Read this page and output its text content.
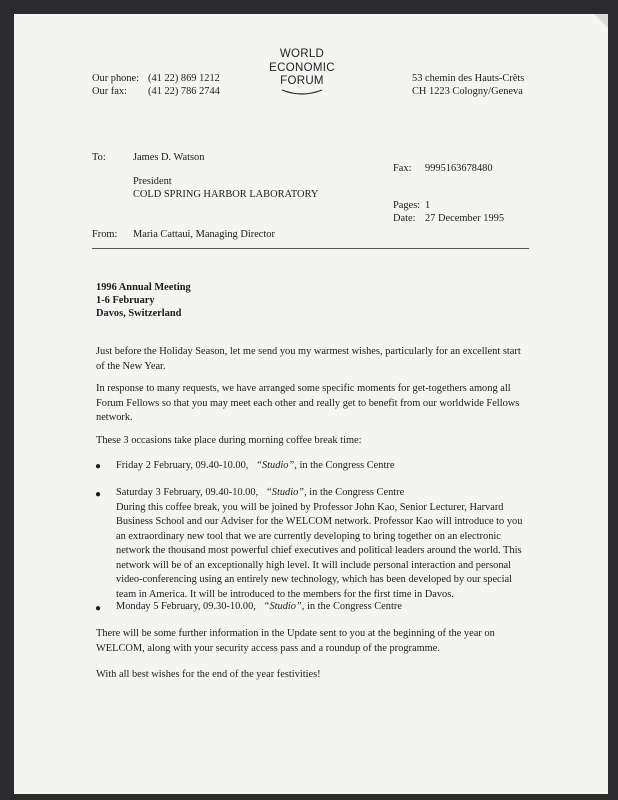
Our phone: (41 22) 869 1212
Our fax: (41 22) 786 2744
WORLD
ECONOMIC
FORUM	53 chemin des Hauts-Crêts
CH 1223 Cologny/Geneva
To:	James D. Watson
President
COLD SPRING HARBOR LABORATORY
Fax: 9995163678480
Pages: 1
Date: 27 December 1995
From: Maria Cattaui, Managing Director
1996 Annual Meeting
1-6 February
Davos, Switzerland
Just before the Holiday Season, let me send you my warmest wishes, particularly for an excellent start of the New Year.
In response to many requests, we have arranged some specific moments for get-togethers among all Forum Fellows so that you may meet each other and really get to benefit from our worldwide Fellows network.
These 3 occasions take place during morning coffee break time:
● Friday 2 February, 09.40-10.00, “Studio”, in the Congress Centre
● Saturday 3 February, 09.40-10.00, “Studio”, in the Congress Centre

During this coffee break, you will be joined by Professor John Kao, Senior Lecturer, Harvard Business School and our Adviser for the WELCOM network. Professor Kao will introduce to you an extraordinary new tool that we are currently developing to bring together on an electronic network the thousand most powerful chief executives and political leaders around the world. This network will be of an exceptionally high level. It will include personal interaction and personal video-conferencing using an entirely new technology, which has been developed by our special team in America. It will be introduced to the members for the first time in Davos.

● Monday 5 February, 09.30-10.00, “Studio”, in the Congress Centre
There will be some further information in the Update sent to you at the beginning of the year on WELCOM, along with your security access pass and a roundup of the programme.
With all best wishes for the end of the year festivities!
